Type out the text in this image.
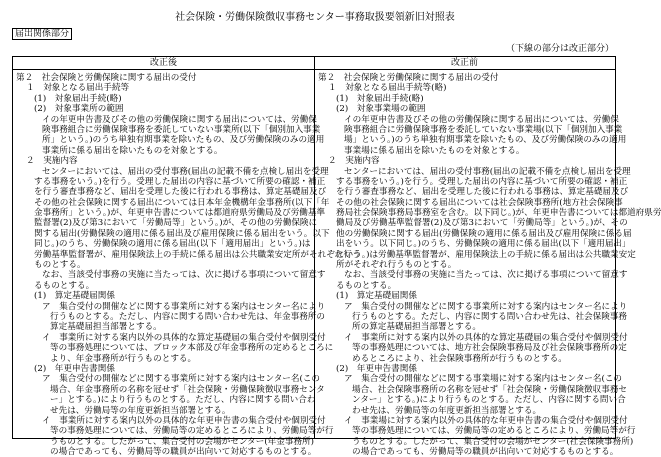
社会保険・労働保険徴収事務センター事務取扱要領新旧対照表
届出関係部分
（下線の部分は改正部分）
改正後	改正前
第２　社会保険と労働保険に関する届出の受付
１　対象となる届出手続等
(1)　対象届出手続(略)
(2)　対象事業所の範囲
イの年更申告書及びその他の労働保険に関する届出については、労働保
険事務組合に労働保険事務を委託していない事業所(以下「個別加入事業
所」という。)のうち単独有期事業を除いたもの、及び労働保険のみの適用
事業所に係る届出を除いたものを対象とする。
２　実施内容
センターにおいては、届出の受付事務(届出の記載不備を点検し届出を受理
する事務をいう。)を行う。受理した届出の内容に基づいて所要の確認・補正
を行う審査事務など、届出を受理した後に行われる事務は、算定基礎届及び
その他の社会保険に関する届出については日本年金機構年金事務所(以下「年
金事務所」という。)が、年更申告書については都道府県労働局及び労働基準
監督署(2)及び第3において「労働局等」という。)が、その他の労働保険に
関する届出(労働保険の適用に係る届出及び雇用保険に係る届出をいう。以下
同じ。)のうち、労働保険の適用に係る届出(以下「適用届出」という。)は
労働基準監督署が、雇用保険法上の手続に係る届出は公共職業安定所がそれぞれ行う
ものとする。
なお、当該受付事務の実施に当たっては、次に掲げる事項について留意す
るものとする。
(1)　算定基礎届関係
ア　集合受付の開催などに関する事業所に対する案内はセンター名により
行うものとする。ただし、内容に関する問い合わせ先は、年金事務所の
算定基礎届担当部署とする。
イ　事業所に対する案内以外の具体的な算定基礎届の集合受付や個別受付
等の事務処理については、ブロック本部及び年金事務所の定めるところに
より、年金事務所が行うものとする。
(2)　年更申告書関係
ア　集合受付の開催などに関する事業所に対する案内はセンター名(この
場合、年金事務所の名称を冠せず「社会保険・労働保険徴収事務センタ
ー」とする。)により行うものとする。ただし、内容に関する問い合わ
せ先は、労働局等の年度更新担当部署とする。
イ　事業所に対する案内以外の具体的な年更申告書の集合受付や個別受付
等の事務処理については、労働局等の定めるところにより、労働局等が行
うものとする。したがって、集合受付の会場がセンター(年金事務所)
の場合であっても、労働局等の職員が出向いて対応するものとする。
第２　社会保険と労働保険に関する届出の受付
１　対象となる届出手続等(略)
(1)　対象届出手続(略)
(2)　対象事業場の範囲
イの年更申告書及びその他の労働保険に関する届出については、労働保
険事務組合に労働保険事務を委託していない事業場(以下「個別加入事業
場」という。)のうち単独有期事業を除いたもの、及び労働保険のみの適用
事業場に係る届出を除いたものを対象とする。
２　実施内容
センターにおいては、届出の受付事務(届出の記載不備を点検し届出を受理
する事務をいう。)を行う。受理した届出の内容に基づいて所要の確認・補正
を行う審査事務など、届出を受理した後に行われる事務は、算定基礎届及び
その他の社会保険に関する届出については社会保険事務所(地方社会保険事
務局社会保険事務局事務室を含む。以下同じ。)が、年更申告書については都道府県労
働局及び労働基準監督署(2)及び第3において「労働局等」という。)が、その
他の労働保険に関する届出(労働保険の適用に係る届出及び雇用保険に係る届
出をいう。以下同じ。)のうち、労働保険の適用に係る届出(以下「適用届出」
という。)は労働基準監督署が、雇用保険法上の手続に係る届出は公共職業安定
所がそれぞれ行うものとする。
なお、当該受付事務の実施に当たっては、次に掲げる事項について留意す
るものとする。
(1)　算定基礎届関係
ア　集合受付の開催などに関する事業所に対する案内はセンター名により
行うものとする。ただし、内容に関する問い合わせ先は、社会保険事務
所の算定基礎届担当部署とする。
イ　事業所に対する案内以外の具体的な算定基礎届の集合受付や個別受付
等の事務処理については、地方社会保険事務局及び社会保険事務所の定
めるところにより、社会保険事務所が行うものとする。
(2)　年更申告書関係
ア　集合受付の開催などに関する事業場に対する案内はセンター名(この
場合、社会保険事務所の名称を冠せず「社会保険・労働保険徴収事務セ
ンター」とする。)により行うものとする。ただし、内容に関する問い合
わせ先は、労働局等の年度更新担当部署とする。
イ　事業場に対する案内以外の具体的な年更申告書の集合受付や個別受付
等の事務処理については、労働局等の定めるところにより、労働局等が行
うものとする。したがって、集合受付の会場がセンター(社会保険事務所)
の場合であっても、労働局等の職員が出向いて対応するものとする。
